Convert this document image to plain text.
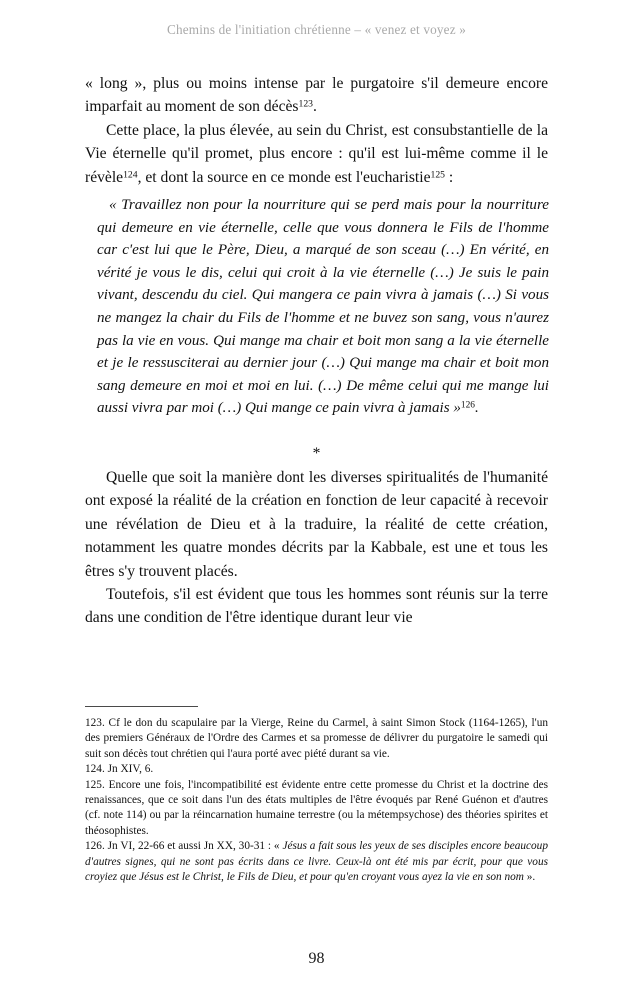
Chemins de l'initiation chrétienne – « venez et voyez »

« long », plus ou moins intense par le purgatoire s'il demeure encore imparfait au moment de son décès$^{123}$.

Cette place, la plus élevée, au sein du Christ, est consubstantielle de la Vie éternelle qu'il promet, plus encore : qu'il est lui-même comme il le révèle$^{124}$, et dont la source en ce monde est l'eucharistie$^{125}$ :

« Travaillez non pour la nourriture qui se perd mais pour la nourriture qui demeure en vie éternelle, celle que vous donnera le Fils de l'homme car c'est lui que le Père, Dieu, a marqué de son sceau (…) En vérité, en vérité je vous le dis, celui qui croit à la vie éternelle (…) Je suis le pain vivant, descendu du ciel. Qui mangera ce pain vivra à jamais (…) Si vous ne mangez la chair du Fils de l'homme et ne buvez son sang, vous n'aurez pas la vie en vous. Qui mange ma chair et boit mon sang a la vie éternelle et je le ressusciterai au dernier jour (…) Qui mange ma chair et boit mon sang demeure en moi et moi en lui. (…) De même celui qui me mange lui aussi vivra par moi (…) Qui mange ce pain vivra à jamais »$^{126}$.

*

Quelle que soit la manière dont les diverses spiritualités de l'humanité ont exposé la réalité de la création en fonction de leur capacité à recevoir une révélation de Dieu et à la traduire, la réalité de cette création, notamment les quatre mondes décrits par la Kabbale, est une et tous les êtres s'y trouvent placés.

Toutefois, s'il est évident que tous les hommes sont réunis sur la terre dans une condition de l'être identique durant leur vie

123. Cf le don du scapulaire par la Vierge, Reine du Carmel, à saint Simon Stock (1164-1265), l'un des premiers Généraux de l'Ordre des Carmes et sa promesse de délivrer du purgatoire le samedi qui suit son décès tout chrétien qui l'aura porté avec piété durant sa vie.

124. Jn XIV, 6.

125. Encore une fois, l'incompatibilité est évidente entre cette promesse du Christ et la doctrine des renaissances, que ce soit dans l'un des états multiples de l'être évoqués par René Guénon et d'autres (cf. note 114) ou par la réincarnation humaine terrestre (ou la métempsychose) des théories spirites et théosophistes.

126. Jn VI, 22-66 et aussi Jn XX, 30-31 : « Jésus a fait sous les yeux de ses disciples encore beaucoup d'autres signes, qui ne sont pas écrits dans ce livre. Ceux-là ont été mis par écrit, pour que vous croyiez que Jésus est le Christ, le Fils de Dieu, et pour qu'en croyant vous ayez la vie en son nom ».

98
